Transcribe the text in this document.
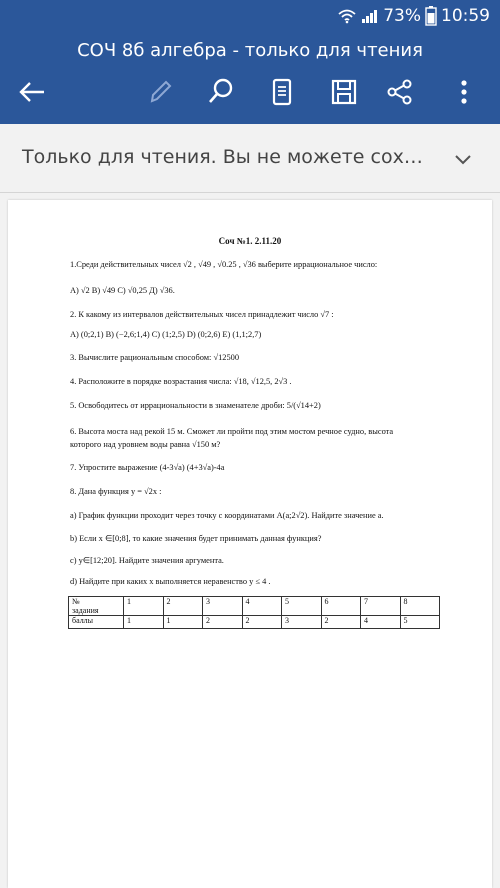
73% 10:59
СОЧ 8б алгебра - только для чтения
Только для чтения. Вы не можете сох…
Соч №1. 2.11.20
1.Среди действительных чисел √2 , √49 , √0.25 , √36 выберите иррациональное число:
А) √2 В) √49 С) √0,25 Д) √36.
2. К какому из интервалов действительных чисел принадлежит число √7 :
А) (0;2,1) В) (−2,6;1,4) С) (1;2,5) D) (0;2,6) Е) (1,1;2,7)
3. Вычислите рациональным способом: √12500
4. Расположите в порядке возрастания числа: √18, √12,5, 2√3 .
5. Освободитесь от иррациональности в знаменателе дроби: 5/(√14+2)
6. Высота моста над рекой 15 м. Сможет ли пройти под этим мостом речное судно, высота
которого над уровнем воды равна √150 м?
7. Упростите выражение (4-3√a) (4+3√a)-4a
8. Дана функция y = √2x :
a) График функции проходит через точку с координатами А(а;2√2). Найдите значение а.
b) Если x ∈[0;8], то какие значения будет принимать данная функция?
c) y∈[12;20]. Найдите значения аргумента.
d) Найдите при каких x выполняется неравенство y ≤ 4 .
№
задания	1	2	3	4	5	6	7	8
баллы	1	1	2	2	3	2	4	5
